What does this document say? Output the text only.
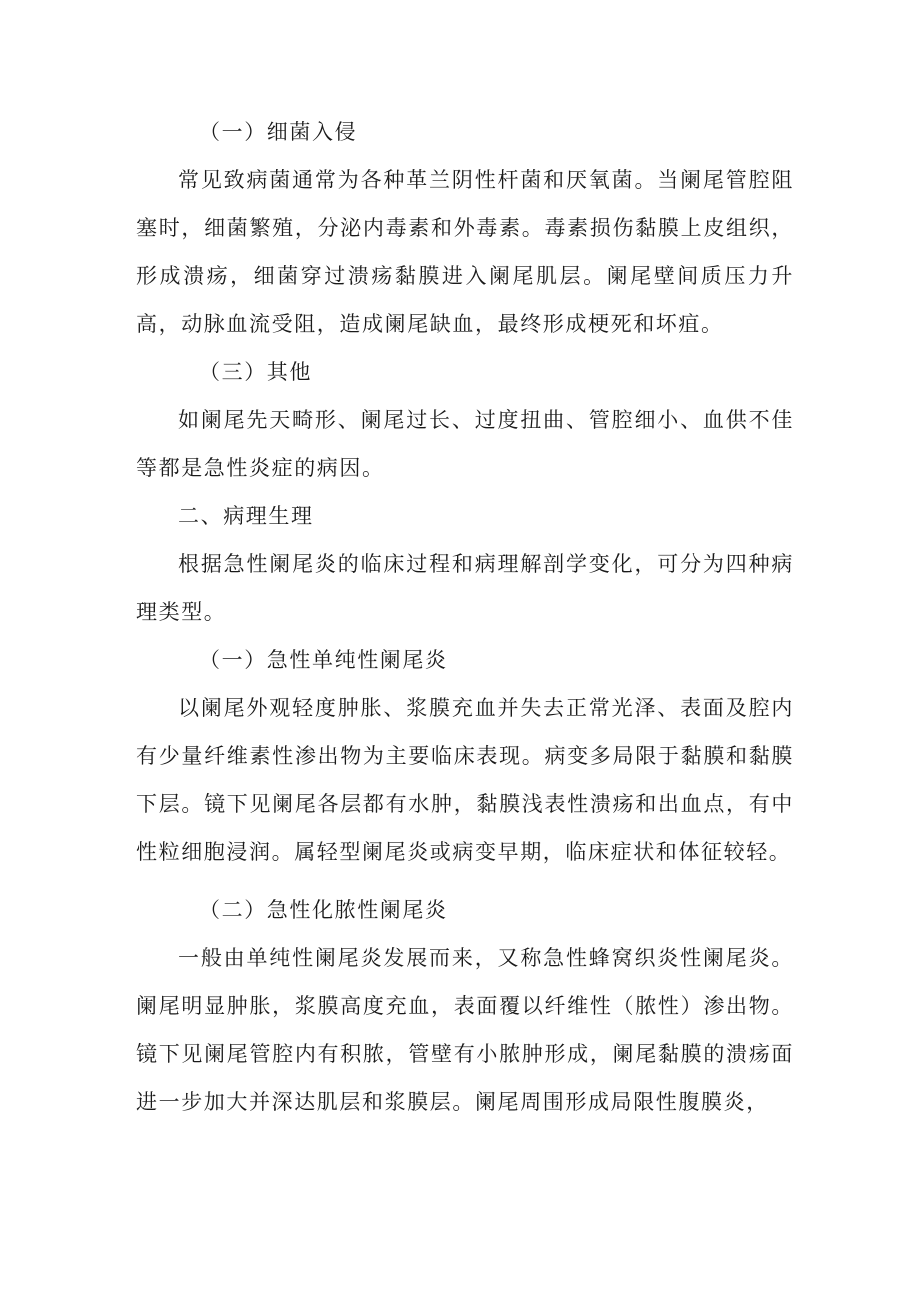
（一）细菌入侵

常见致病菌通常为各种革兰阴性杆菌和厌氧菌。当阑尾管腔阻塞时，细菌繁殖，分泌内毒素和外毒素。毒素损伤黏膜上皮组织，形成溃疡，细菌穿过溃疡黏膜进入阑尾肌层。阑尾壁间质压力升高，动脉血流受阻，造成阑尾缺血，最终形成梗死和坏疽。

（三）其他

如阑尾先天畸形、阑尾过长、过度扭曲、管腔细小、血供不佳等都是急性炎症的病因。

二、病理生理

根据急性阑尾炎的临床过程和病理解剖学变化，可分为四种病理类型。

（一）急性单纯性阑尾炎

以阑尾外观轻度肿胀、浆膜充血并失去正常光泽、表面及腔内有少量纤维素性渗出物为主要临床表现。病变多局限于黏膜和黏膜下层。镜下见阑尾各层都有水肿，黏膜浅表性溃疡和出血点，有中性粒细胞浸润。属轻型阑尾炎或病变早期，临床症状和体征较轻。

（二）急性化脓性阑尾炎

一般由单纯性阑尾炎发展而来，又称急性蜂窝织炎性阑尾炎。阑尾明显肿胀，浆膜高度充血，表面覆以纤维性（脓性）渗出物。镜下见阑尾管腔内有积脓，管壁有小脓肿形成，阑尾黏膜的溃疡面进一步加大并深达肌层和浆膜层。阑尾周围形成局限性腹膜炎，
